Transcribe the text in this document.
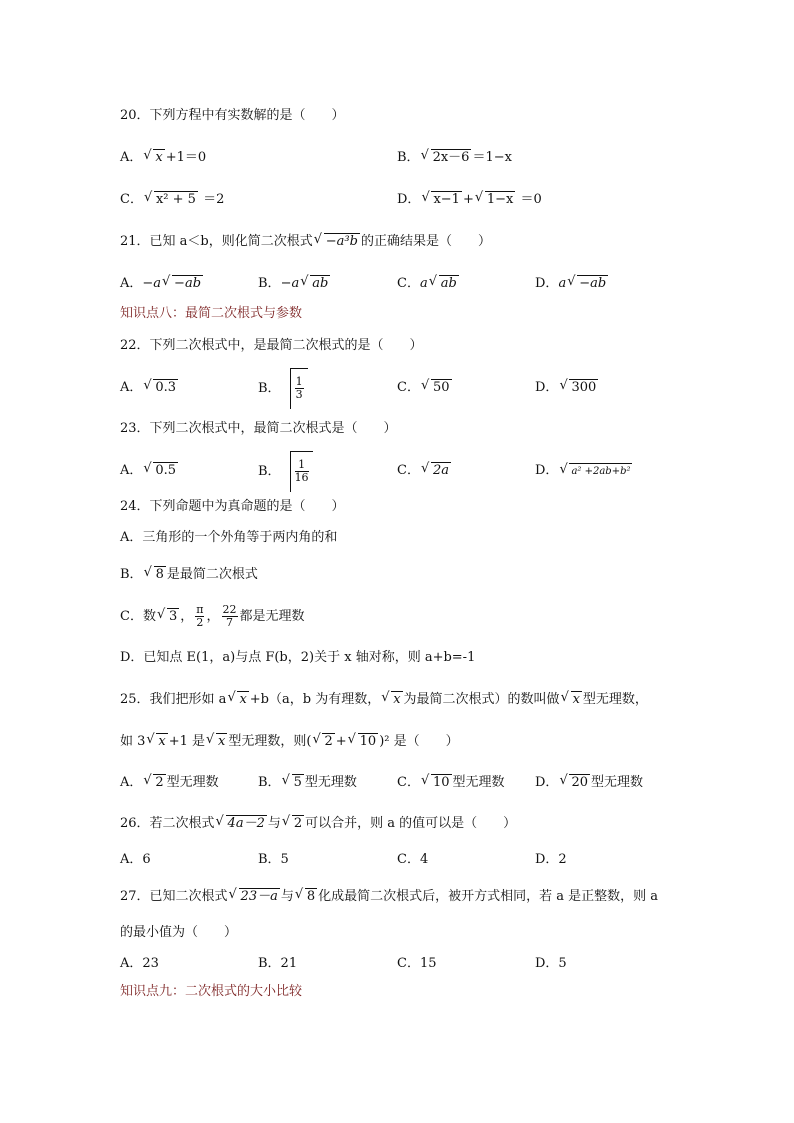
20．下列方程中有实数解的是（　　）
A． √ x +1＝0	B． √ 2x－6 ＝1−x
C． √ x² + 5 ＝2	D． √ x−1 + √ 1−x ＝0
21．已知 a＜b，则化简二次根式 √ −a³b 的正确结果是（　　）
A．−a √ −ab	B．−a √ ab	C．a √ ab	D．a √ −ab
知识点八：最简二次根式与参数
22．下列二次根式中，是最简二次根式的是（　　）
A． √ 0.3	B． $\frac{1}{3}$	C． √ 50	D． √ 300
23．下列二次根式中，最简二次根式是（　　）
A． √ 0.5	B． $\frac{1}{16}$	C． √ 2a	D． √ a² +2ab+b²
24．下列命题中为真命题的是（　　）
A．三角形的一个外角等于两内角的和
B． √ 8 是最简二次根式
C．数 √ 3 ， $\frac{\pi}{2}$ ， $\frac{22}{7}$ 都是无理数
D．已知点 E(1，a)与点 F(b，2)关于 x 轴对称，则 a+b=-1
25．我们把形如 a √ x +b（a，b 为有理数， √ x 为最简二次根式）的数叫做 √ x 型无理数，
如 3 √ x +1 是 √ x 型无理数，则( √ 2 + √ 10 )² 是（　　）
A． √ 2 型无理数	B． √ 5 型无理数	C． √ 10 型无理数 D． √ 20 型无理数
26．若二次根式 √ 4a－2 与 √ 2 可以合并，则 a 的值可以是（　　）
A．6	B．5	C．4	D．2
27．已知二次根式 √ 23－a 与 √ 8 化成最简二次根式后，被开方式相同，若 a 是正整数，则 a
的最小值为（　　）
A．23	B．21	C．15	D．5
知识点九：二次根式的大小比较
